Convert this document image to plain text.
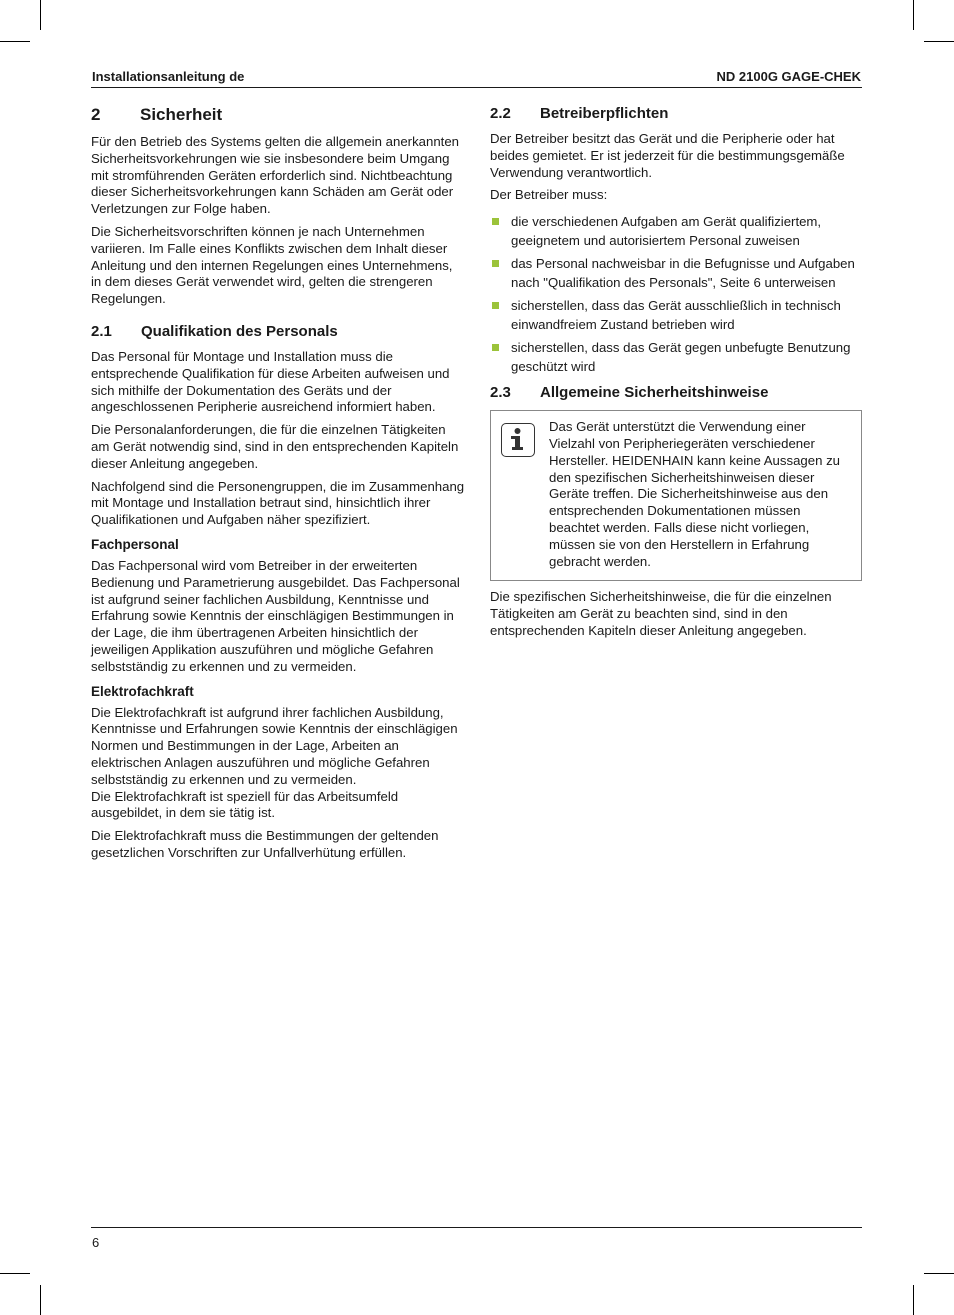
Installationsanleitung de	ND 2100G GAGE-CHEK
2	Sicherheit

Für den Betrieb des Systems gelten die allgemein anerkannten Sicherheitsvorkehrungen wie sie insbesondere beim Umgang mit stromführenden Geräten erforderlich sind. Nichtbeachtung dieser Sicherheitsvorkehrungen kann Schäden am Gerät oder Verletzungen zur Folge haben.

Die Sicherheitsvorschriften können je nach Unternehmen variieren. Im Falle eines Konflikts zwischen dem Inhalt dieser Anleitung und den internen Regelungen eines Unternehmens, in dem dieses Gerät verwendet wird, gelten die strengeren Regelungen.

2.1	Qualifikation des Personals

Das Personal für Montage und Installation muss die entsprechende Qualifikation für diese Arbeiten aufweisen und sich mithilfe der Dokumentation des Geräts und der angeschlossenen Peripherie ausreichend informiert haben.

Die Personalanforderungen, die für die einzelnen Tätigkeiten am Gerät notwendig sind, sind in den entsprechenden Kapiteln dieser Anleitung angegeben.

Nachfolgend sind die Personengruppen, die im Zusammenhang mit Montage und Installation betraut sind, hinsichtlich ihrer Qualifikationen und Aufgaben näher spezifiziert.

Fachpersonal

Das Fachpersonal wird vom Betreiber in der erweiterten Bedienung und Parametrierung ausgebildet. Das Fachpersonal ist aufgrund seiner fachlichen Ausbildung, Kenntnisse und Erfahrung sowie Kenntnis der einschlägigen Bestimmungen in der Lage, die ihm übertragenen Arbeiten hinsichtlich der jeweiligen Applikation auszuführen und mögliche Gefahren selbstständig zu erkennen und zu vermeiden.

Elektrofachkraft

Die Elektrofachkraft ist aufgrund ihrer fachlichen Ausbildung, Kenntnisse und Erfahrungen sowie Kenntnis der einschlägigen Normen und Bestimmungen in der Lage, Arbeiten an elektrischen Anlagen auszuführen und mögliche Gefahren selbstständig zu erkennen und zu vermeiden.
Die Elektrofachkraft ist speziell für das Arbeitsumfeld ausgebildet, in dem sie tätig ist.

Die Elektrofachkraft muss die Bestimmungen der geltenden gesetzlichen Vorschriften zur Unfallverhütung erfüllen.

2.2	Betreiberpflichten

Der Betreiber besitzt das Gerät und die Peripherie oder hat beides gemietet. Er ist jederzeit für die bestimmungsgemäße Verwendung verantwortlich.

Der Betreiber muss:

die verschiedenen Aufgaben am Gerät qualifiziertem, geeignetem und autorisiertem Personal zuweisen
das Personal nachweisbar in die Befugnisse und Aufgaben nach "Qualifikation des Personals", Seite 6 unterweisen
sicherstellen, dass das Gerät ausschließlich in technisch einwandfreiem Zustand betrieben wird
sicherstellen, dass das Gerät gegen unbefugte Benutzung geschützt wird
2.3	Allgemeine Sicherheitshinweise

Das Gerät unterstützt die Verwendung einer Vielzahl von Peripheriegeräten verschiedener Hersteller. HEIDENHAIN kann keine Aussagen zu den spezifischen Sicherheitshinweisen dieser Geräte treffen. Die Sicherheitshinweise aus den entsprechenden Dokumentationen müssen beachtet werden. Falls diese nicht vorliegen, müssen sie von den Herstellern in Erfahrung gebracht werden.

Die spezifischen Sicherheitshinweise, die für die einzelnen Tätigkeiten am Gerät zu beachten sind, sind in den entsprechenden Kapiteln dieser Anleitung angegeben.

6
